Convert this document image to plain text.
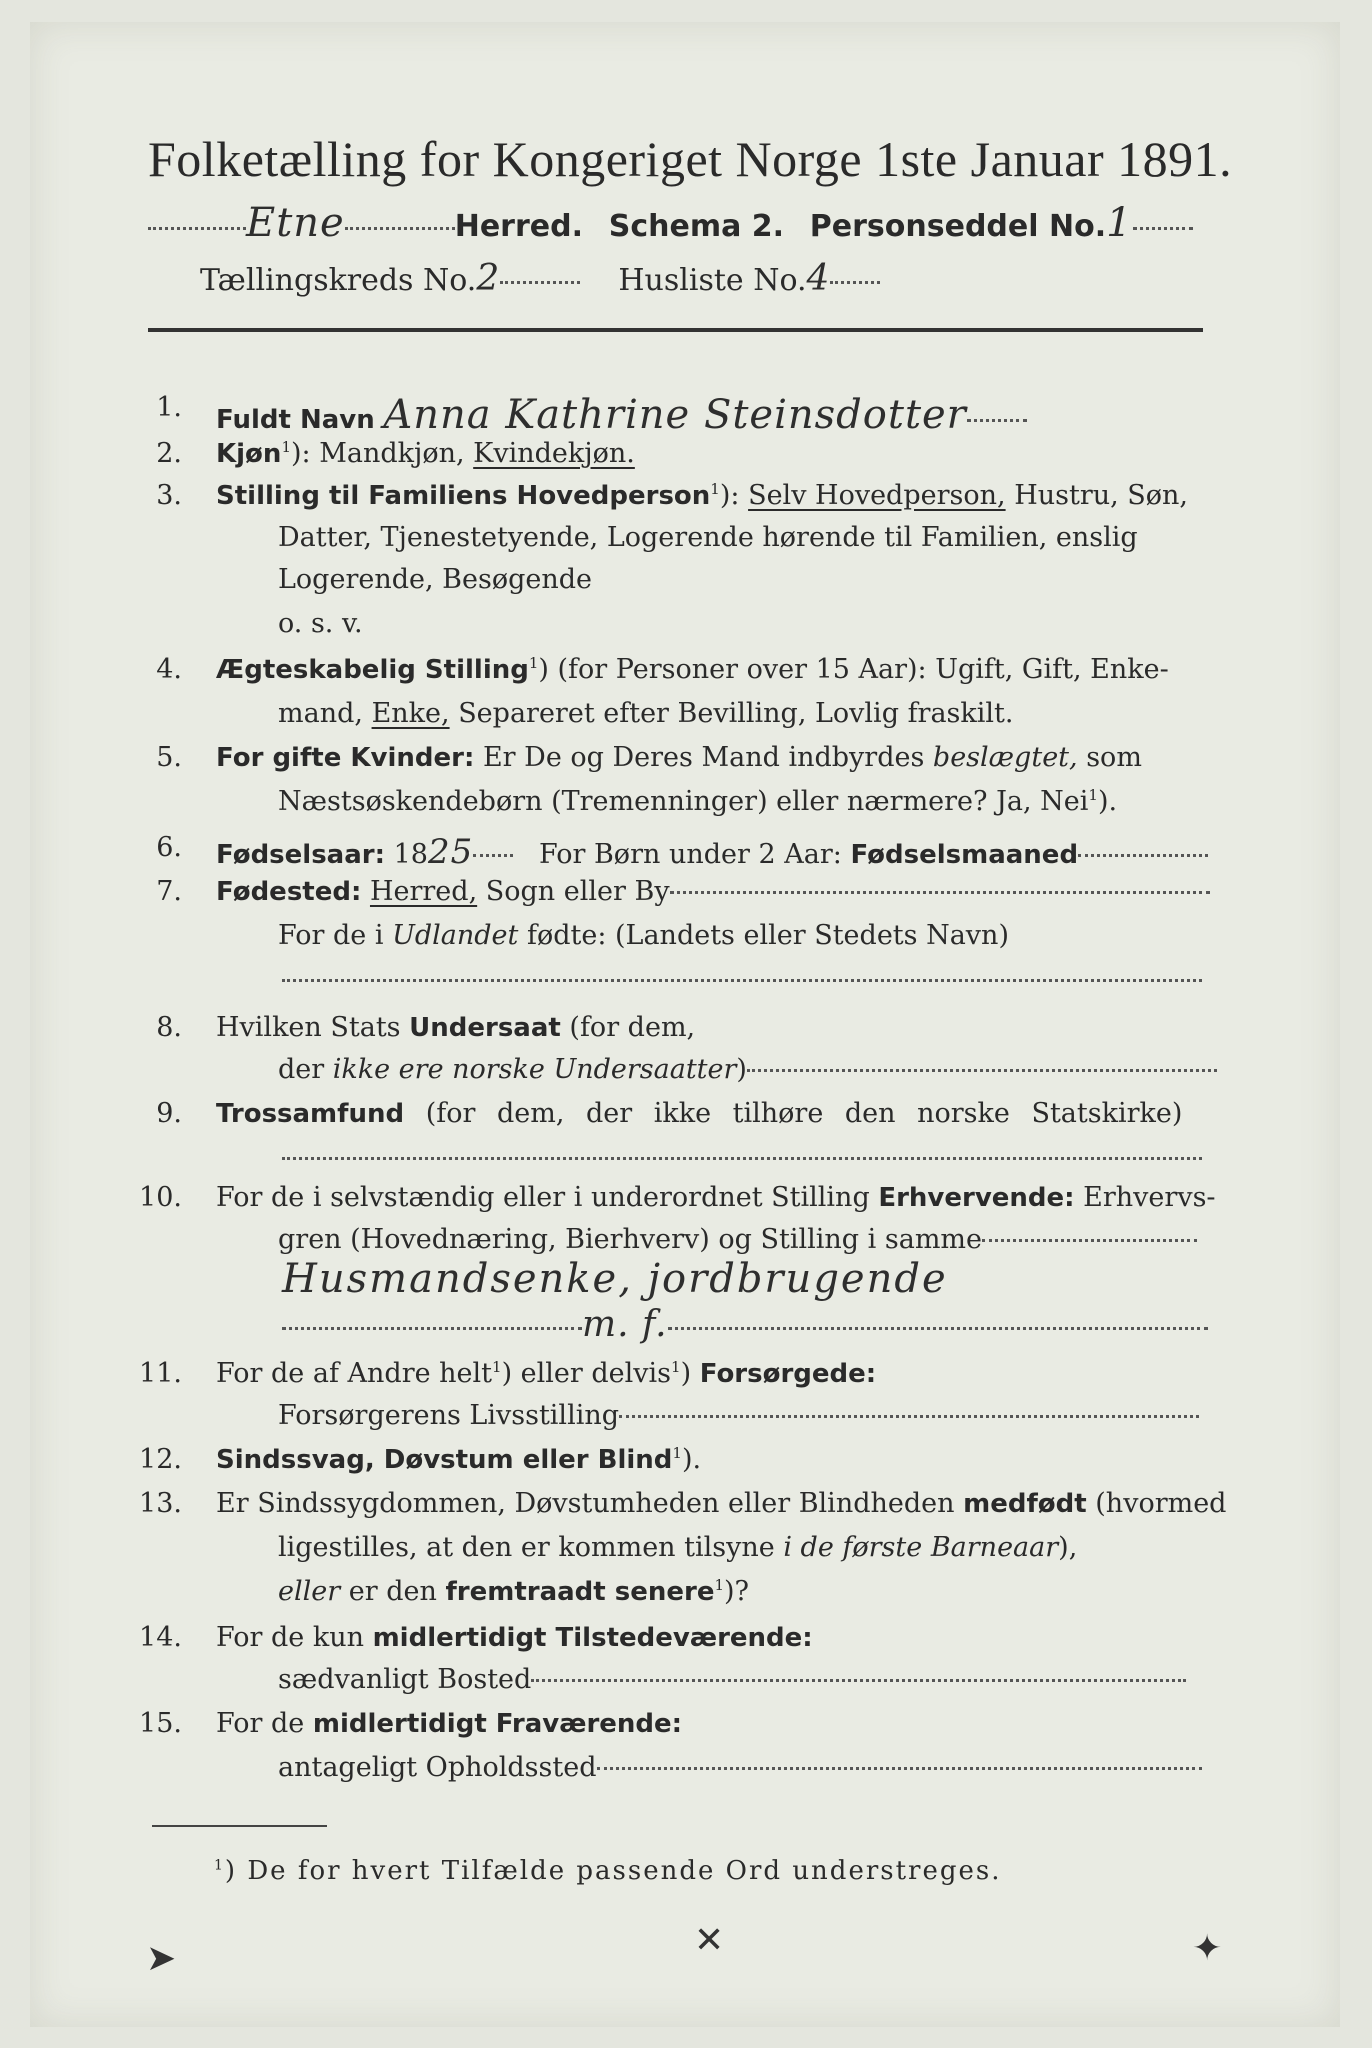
Folketælling for Kongeriget Norge 1ste Januar 1891.
Etne	Herred. Schema 2. Personseddel No.1
Tællingskreds No.2	Husliste No.4
1. Fuldt Navn Anna Kathrine Steinsdotter
2. Kjøn$^1$): Mandkjøn, Kvindekjøn.
3. Stilling til Familiens Hovedperson$^1$): Selv Hovedperson, Hustru, Søn,
Datter, Tjenestetyende, Logerende hørende til Familien, enslig
Logerende, Besøgende
o. s. v.
4. Ægteskabelig Stilling$^1$) (for Personer over 15 Aar): Ugift, Gift, Enke-
mand, Enke, Separeret efter Bevilling, Lovlig fraskilt.
5. For gifte Kvinder: Er De og Deres Mand indbyrdes beslægtet, som
Næstsøskendebørn (Tremenninger) eller nærmere? Ja, Nei$^1$).
6. Fødselsaar: 1825 For Børn under 2 Aar: Fødselsmaaned
7. Fødested: Herred, Sogn eller By
For de i Udlandet fødte: (Landets eller Stedets Navn)
8. Hvilken Stats Undersaat (for dem,
der ikke ere norske Undersaatter)
9. Trossamfund (for dem, der ikke tilhøre den norske Statskirke)
10. For de i selvstændig eller i underordnet Stilling Erhvervende: Erhvervs-
gren (Hovednæring, Bierhverv) og Stilling i samme
Husmandsenke, jordbrugende
m. f.
11. For de af Andre helt$^1$) eller delvis$^1$) Forsørgede:
Forsørgerens Livsstilling
12. Sindssvag, Døvstum eller Blind$^1$).
13. Er Sindssygdommen, Døvstumheden eller Blindheden medfødt (hvormed
ligestilles, at den er kommen tilsyne i de første Barneaar),
eller er den fremtraadt senere$^1$)?
14. For de kun midlertidigt Tilstedeværende:
sædvanligt Bosted
15. For de midlertidigt Fraværende:
antageligt Opholdssted
$^1$) De for hvert Tilfælde passende Ord understreges.
➤	✕	✦
